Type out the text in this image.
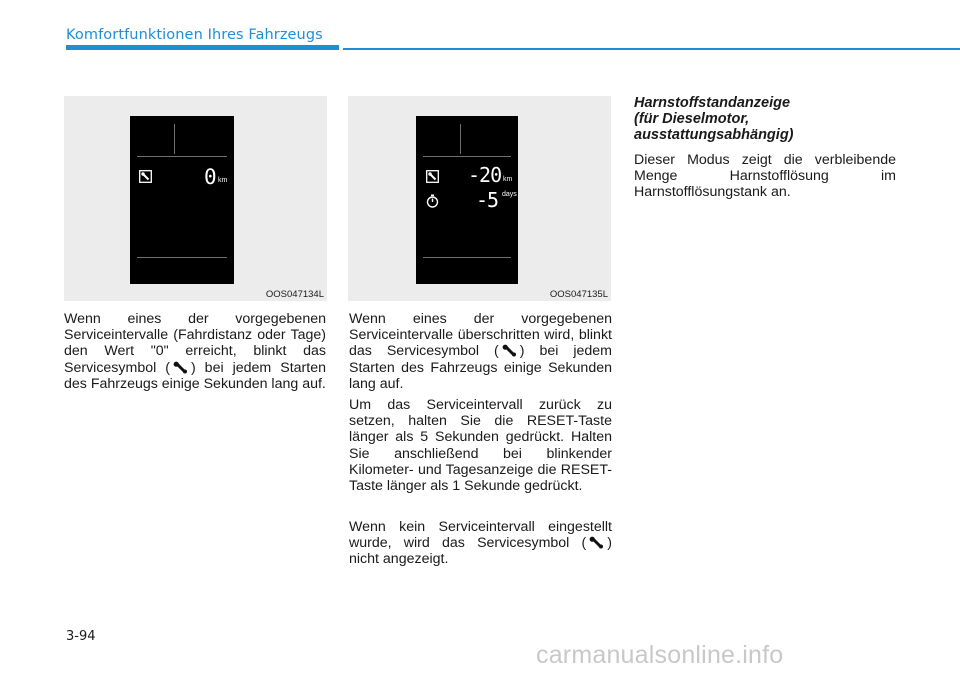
Komfortfunktionen Ihres Fahrzeugs
0 km
OOS047134L
-20 km
-5 days
OOS047135L

Wenn eines der vorgegebenen Serviceintervalle (Fahrdistanz oder Tage) den Wert "0" erreicht, blinkt das Servicesymbol ( ) bei jedem Starten des Fahrzeugs einige Sekunden lang auf.

Wenn eines der vorgegebenen Serviceintervalle überschritten wird, blinkt das Servicesymbol ( ) bei jedem Starten des Fahrzeugs einige Sekunden lang auf.

Um das Serviceintervall zurück zu setzen, halten Sie die RESET-Taste länger als 5 Sekunden gedrückt. Halten Sie anschließend bei blinkender Kilometer- und Tagesanzeige die RESET-Taste länger als 1 Sekunde gedrückt.

Wenn kein Serviceintervall eingestellt wurde, wird das Servicesymbol ( ) nicht angezeigt.

Harnstoffstandanzeige
(für Dieselmotor,
ausstattungsabhängig)

Dieser Modus zeigt die verbleibende Menge Harnstofflösung im Harnstofflösungstank an.

3-94
carmanualsonline.info
